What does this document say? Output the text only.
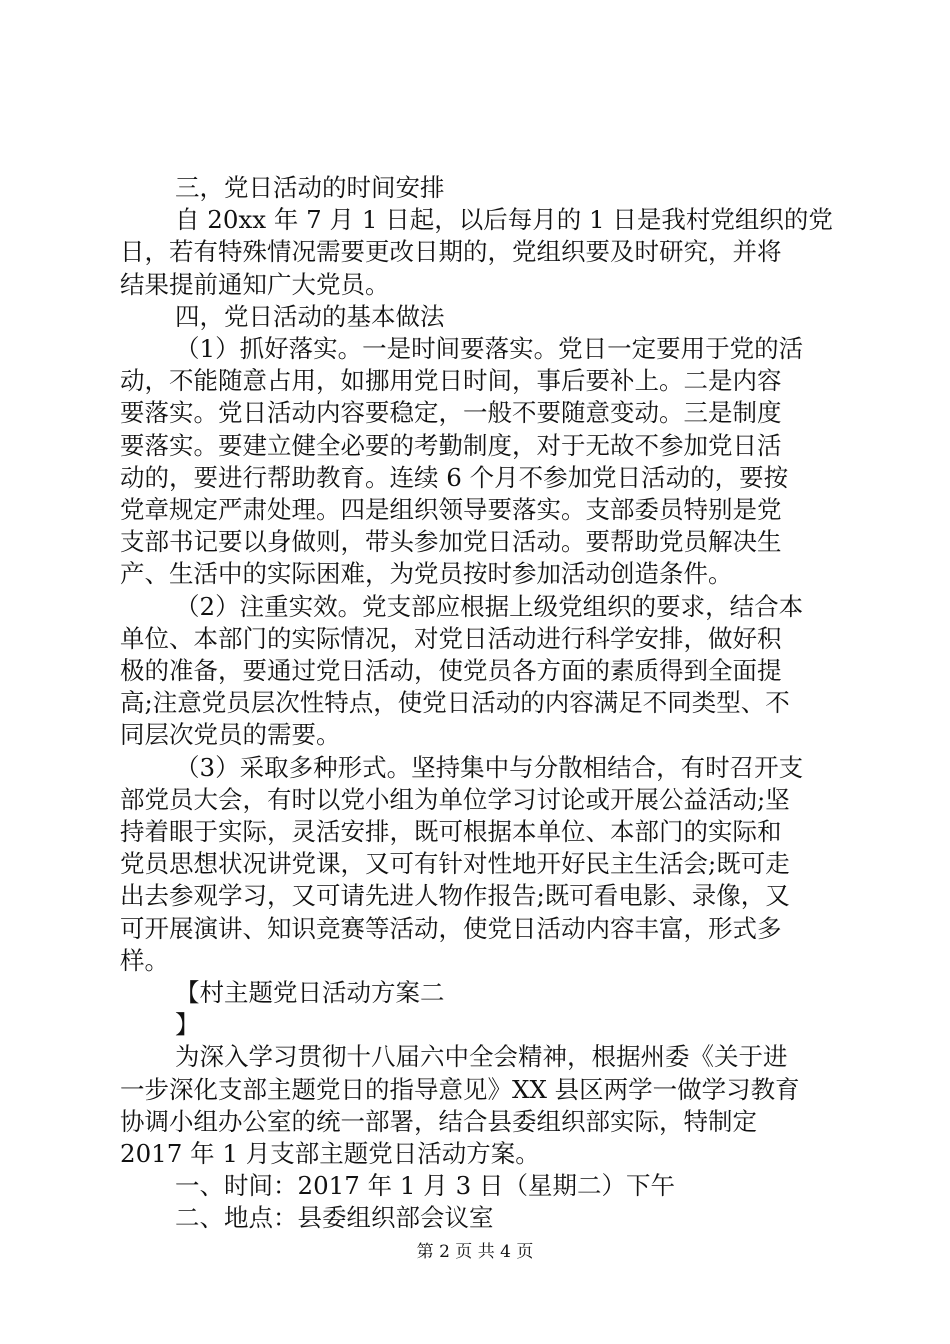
三，党日活动的时间安排
自 20xx 年 7 月 1 日起，以后每月的 1 日是我村党组织的党
日，若有特殊情况需要更改日期的，党组织要及时研究，并将
结果提前通知广大党员。
四，党日活动的基本做法
（1）抓好落实。一是时间要落实。党日一定要用于党的活
动，不能随意占用，如挪用党日时间，事后要补上。二是内容
要落实。党日活动内容要稳定，一般不要随意变动。三是制度
要落实。要建立健全必要的考勤制度，对于无故不参加党日活
动的，要进行帮助教育。连续 6 个月不参加党日活动的，要按
党章规定严肃处理。四是组织领导要落实。支部委员特别是党
支部书记要以身做则，带头参加党日活动。要帮助党员解决生
产、生活中的实际困难，为党员按时参加活动创造条件。
（2）注重实效。党支部应根据上级党组织的要求，结合本
单位、本部门的实际情况，对党日活动进行科学安排，做好积
极的准备，要通过党日活动，使党员各方面的素质得到全面提
高;注意党员层次性特点，使党日活动的内容满足不同类型、不
同层次党员的需要。
（3）采取多种形式。坚持集中与分散相结合，有时召开支
部党员大会，有时以党小组为单位学习讨论或开展公益活动;坚
持着眼于实际，灵活安排，既可根据本单位、本部门的实际和
党员思想状况讲党课，又可有针对性地开好民主生活会;既可走
出去参观学习，又可请先进人物作报告;既可看电影、录像，又
可开展演讲、知识竞赛等活动，使党日活动内容丰富，形式多
样。
【村主题党日活动方案二
】
为深入学习贯彻十八届六中全会精神，根据州委《关于进
一步深化支部主题党日的指导意见》XX 县区两学一做学习教育
协调小组办公室的统一部署，结合县委组织部实际，特制定
2017 年 1 月支部主题党日活动方案。
一、时间：2017 年 1 月 3 日（星期二）下午
二、地点：县委组织部会议室
第 2 页 共 4 页
